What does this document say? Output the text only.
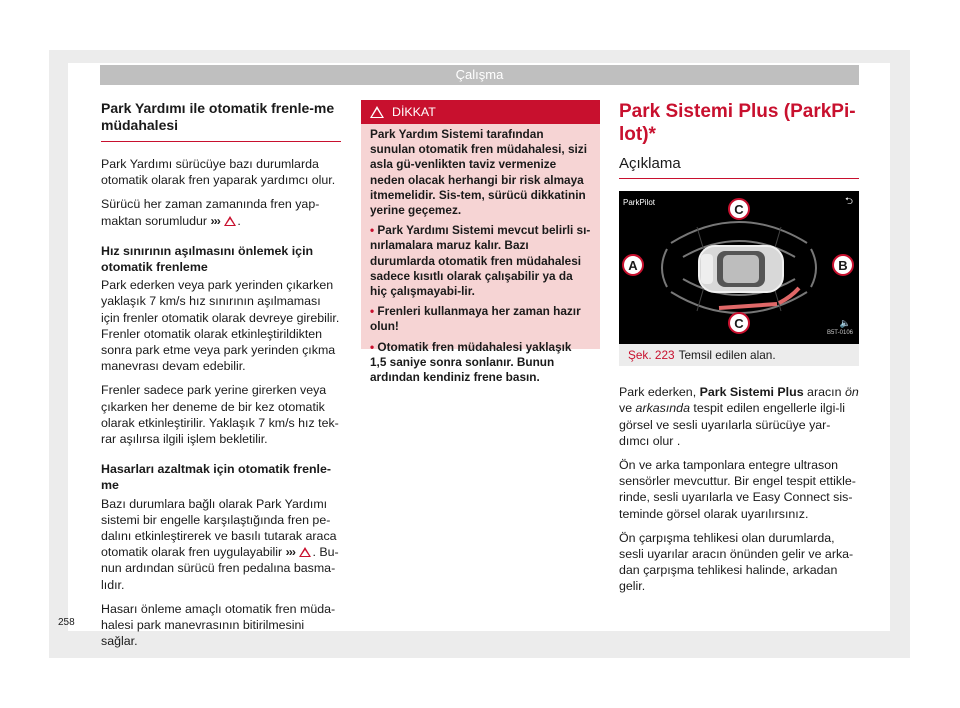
Çalışma
Park Yardımı ile otomatik frenle-me müdahalesi

Park Yardımı sürücüye bazı durumlarda otomatik olarak fren yaparak yardımcı olur.

Sürücü her zaman zamanında fren yap-maktan sorumludur ››› .

Hız sınırının aşılmasını önlemek için otomatik frenleme

Park ederken veya park yerinden çıkarken yaklaşık 7 km/s hız sınırının aşılmaması için frenler otomatik olarak devreye girebilir. Frenler otomatik olarak etkinleştirildikten sonra park etme veya park yerinden çıkma manevrası devam edebilir.

Frenler sadece park yerine girerken veya çıkarken her deneme de bir kez otomatik olarak etkinleştirilir. Yaklaşık 7 km/s hız tek-rar aşılırsa ilgili işlem bekletilir.

Hasarları azaltmak için otomatik frenle-me

Bazı durumlara bağlı olarak Park Yardımı sistemi bir engelle karşılaştığında fren pe-dalını etkinleştirerek ve basılı tutarak araca otomatik olarak fren uygulayabilir ››› . Bu-nun ardından sürücü fren pedalına basma-lıdır.

Hasarı önleme amaçlı otomatik fren müda-halesi park manevrasının bitirilmesini sağlar.

DİKKAT

Park Yardım Sistemi tarafından sunulan otomatik fren müdahalesi, sizi asla gü-venlikten taviz vermenize neden olacak herhangi bir risk almaya itmemelidir. Sis-tem, sürücü dikkatinin yerine geçemez.

• Park Yardımı Sistemi mevcut belirli sı-nırlamalara maruz kalır. Bazı durumlarda otomatik fren müdahalesi sadece kısıtlı olarak çalışabilir ya da hiç çalışmayabi-lir.

• Frenleri kullanmaya her zaman hazır olun!

• Otomatik fren müdahalesi yaklaşık 1,5 saniye sonra sonlanır. Bunun ardından kendiniz frene basın.

Park Sistemi Plus (ParkPi-lot)*
Açıklama
C
A	B
C
ParkPilot	⮌
🔈
B5T-0106
Şek. 223 Temsil edilen alan.

Park ederken, Park Sistemi Plus aracın ön ve arkasında tespit edilen engellerle ilgi-li görsel ve sesli uyarılarla sürücüye yar-dımcı olur .

Ön ve arka tamponlara entegre ultrason sensörler mevcuttur. Bir engel tespit ettikle-rinde, sesli uyarılarla ve Easy Connect sis-teminde görsel olarak uyarılırsınız.

Ön çarpışma tehlikesi olan durumlarda, sesli uyarılar aracın önünden gelir ve arka-dan çarpışma tehlikesi halinde, arkadan gelir.

258
